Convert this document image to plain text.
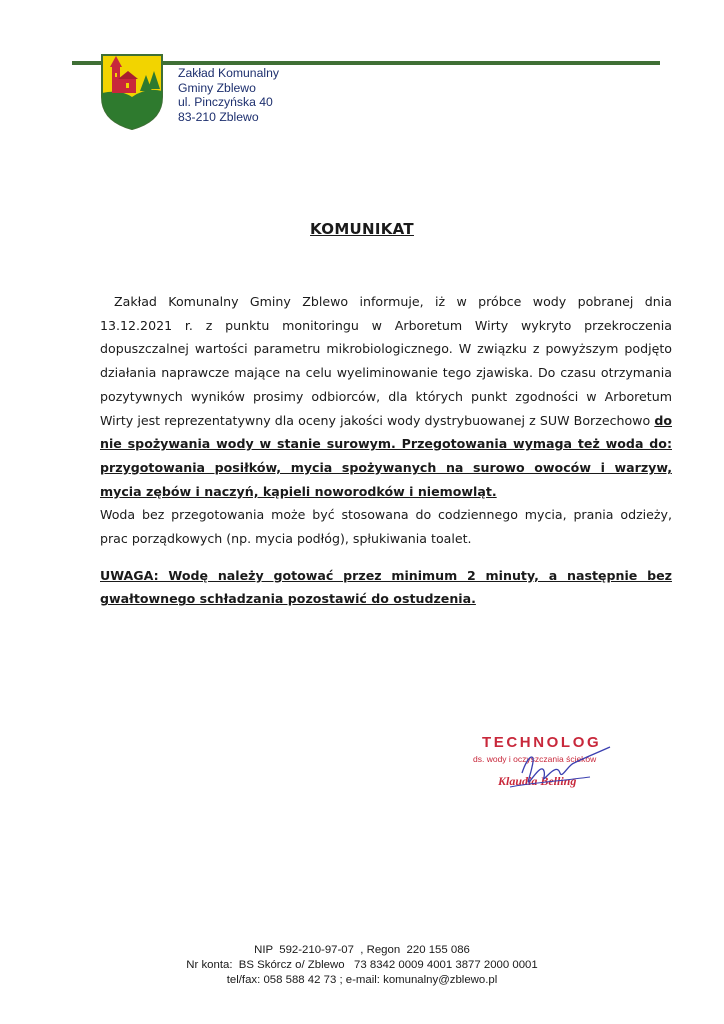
Zakład Komunalny
Gminy Zblewo
ul. Pinczyńska 40
83-210 Zblewo
KOMUNIKAT

Zakład Komunalny Gminy Zblewo informuje, iż w próbce wody pobranej dnia 13.12.2021 r. z punktu monitoringu w Arboretum Wirty wykryto przekroczenia dopuszczalnej wartości parametru mikrobiologicznego. W związku z powyższym podjęto działania naprawcze mające na celu wyeliminowanie tego zjawiska. Do czasu otrzymania pozytywnych wyników prosimy odbiorców, dla których punkt zgodności w Arboretum Wirty jest reprezentatywny dla oceny jakości wody dystrybuowanej z SUW Borzechowo do nie spożywania wody w stanie surowym. Przegotowania wymaga też woda do: przygotowania posiłków, mycia spożywanych na surowo owoców i warzyw, mycia zębów i naczyń, kąpieli noworodków i niemowląt.

Woda bez przegotowania może być stosowana do codziennego mycia, prania odzieży, prac porządkowych (np. mycia podłóg), spłukiwania toalet.

UWAGA: Wodę należy gotować przez minimum 2 minuty, a następnie bez gwałtownego schładzania pozostawić do ostudzenia.

TECHNOLOG
ds. wody i oczyszczania ścieków
Klaudia Belling
NIP  592-210-97-07  , Regon  220 155 086
Nr konta:  BS Skórcz o/ Zblewo   73 8342 0009 4001 3877 2000 0001
tel/fax: 058 588 42 73 ; e-mail: komunalny@zblewo.pl
